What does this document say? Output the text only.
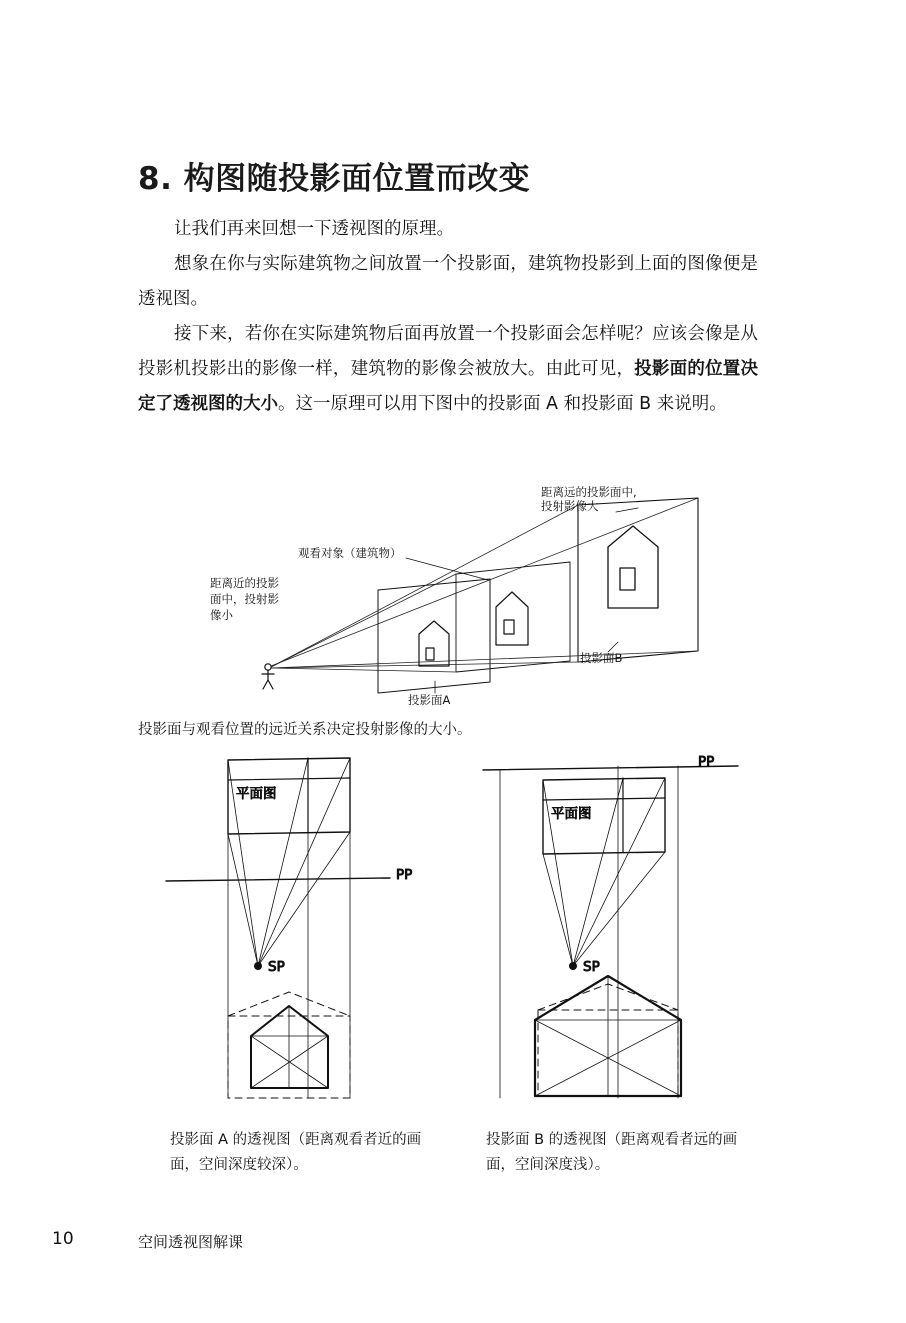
8. 构图随投影面位置而改变

让我们再来回想一下透视图的原理。

想象在你与实际建筑物之间放置一个投影面，建筑物投影到上面的图像便是透视图。

接下来，若你在实际建筑物后面再放置一个投影面会怎样呢？应该会像是从投影机投影出的影像一样，建筑物的影像会被放大。由此可见，投影面的位置决定了透视图的大小。这一原理可以用下图中的投影面 A 和投影面 B 来说明。

距离远的投影面中,
投射影像大
观看对象（建筑物）
距离近的投影
面中，投射影
像小
投影面B
投影面A
投影面与观看位置的远近关系决定投射影像的大小。
平面图
PP
SP
平面图
PP
SP
投影面 A 的透视图（距离观看者近的画面，空间深度较深）。
投影面 B 的透视图（距离观看者远的画面，空间深度浅）。
10	空间透视图解课
